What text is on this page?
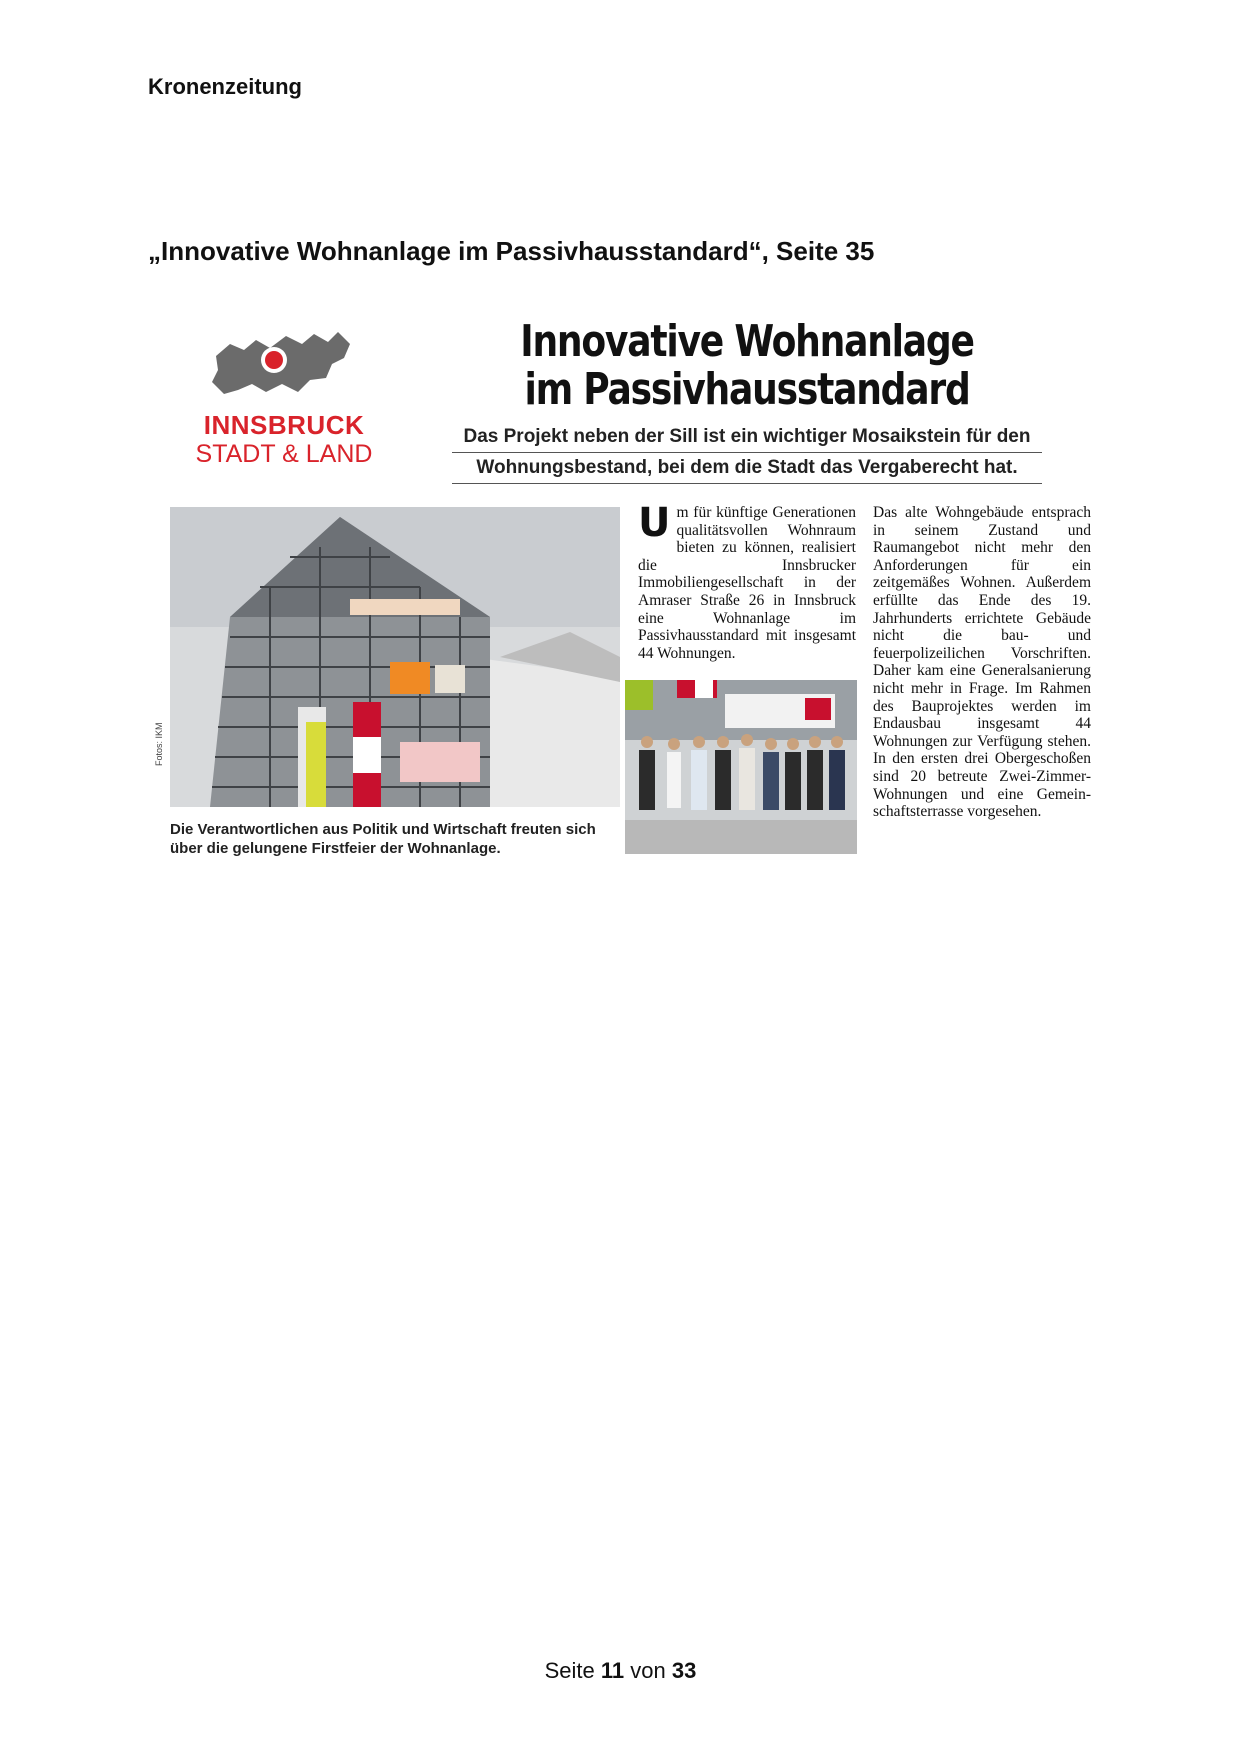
Kronenzeitung
„Innovative Wohnanlage im Passivhausstandard“, Seite 35
INNSBRUCK
STADT & LAND
Innovative Wohnanlage im Passivhausstandard
Das Projekt neben der Sill ist ein wichtiger Mosaikstein für den
Wohnungsbestand, bei dem die Stadt das Vergaberecht hat.
Fotos: IKM
Die Verantwortlichen aus Politik und Wirtschaft freuten sich über die gelungene Firstfeier der Wohnanlage.
Um für künftige Generationen qualitätsvollen Wohnraum bieten zu können, realisiert die Innsbrucker Immobiliengesellschaft in der Amraser Straße 26 in Innsbruck eine Wohnanlage im Passivhausstandard mit insgesamt 44 Wohnungen.
Das alte Wohngebäude entsprach in seinem Zustand und Raumangebot nicht mehr den Anforderungen für ein zeitgemäßes Wohnen. Außerdem erfüllte das Ende des 19. Jahrhunderts errichtete Gebäude nicht die bau- und feuerpolizeilichen Vorschriften. Daher kam eine Generalsanierung nicht mehr in Frage. Im Rahmen des Bauprojektes werden im Endausbau insgesamt 44 Wohnungen zur Verfügung stehen. In den ersten drei Obergeschoßen sind 20 betreute Zwei-Zimmer-Wohnungen und eine Gemeinschaftsterrasse vorgesehen.
Seite 11 von 33
